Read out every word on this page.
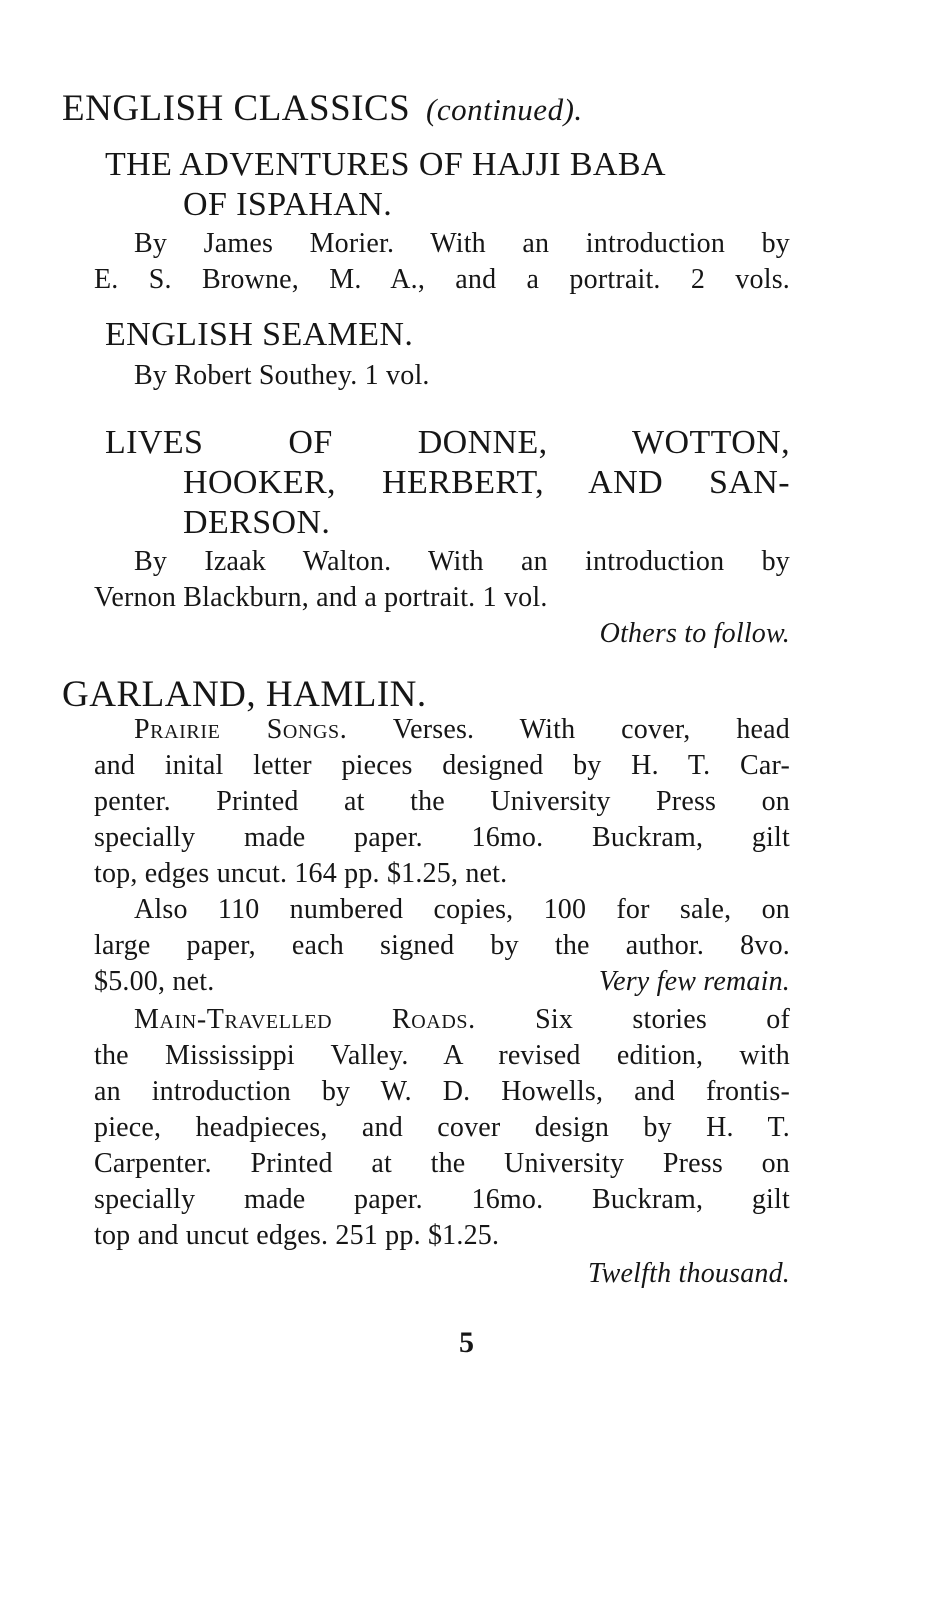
ENGLISH CLASSICS (continued).
THE ADVENTURES OF HAJJI BABA
OF ISPAHAN.
By James Morier. With an introduction by
E. S. Browne, M. A., and a portrait. 2 vols.
ENGLISH SEAMEN.
By Robert Southey. 1 vol.
LIVES OF DONNE, WOTTON,
HOOKER, HERBERT, AND SAN-
DERSON.
By Izaak Walton. With an introduction by
Vernon Blackburn, and a portrait. 1 vol.
Others to follow.
GARLAND, HAMLIN.
Prairie Songs. Verses. With cover, head
and inital letter pieces designed by H. T. Car-
penter. Printed at the University Press on
specially made paper. 16mo. Buckram, gilt
top, edges uncut. 164 pp. $1.25, net.
Also 110 numbered copies, 100 for sale, on
large paper, each signed by the author. 8vo.
$5.00, net.	Very few remain.
Main-Travelled Roads. Six stories of
the Mississippi Valley. A revised edition, with
an introduction by W. D. Howells, and frontis-
piece, headpieces, and cover design by H. T.
Carpenter. Printed at the University Press on
specially made paper. 16mo. Buckram, gilt
top and uncut edges. 251 pp. $1.25.
Twelfth thousand.
5
